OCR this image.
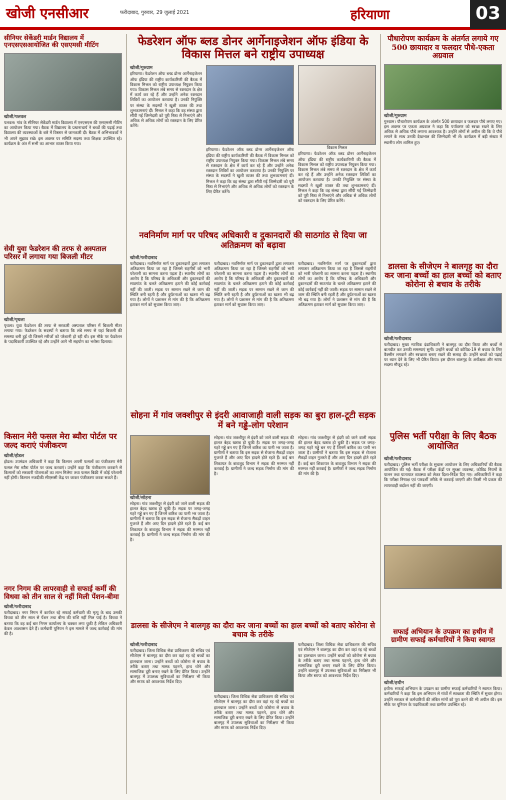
खोजी एनसीआर	फरीदाबाद, गुरुवार, 29 जुलाई 2021	हरियाणा	03
सीनियर सेकेंडरी मार्डन विद्यालय में एनएसएसआयोजित की एसएमसी मीटिंग
खोजी/पलवल
पलवल। गांव के सीनियर सेकेंडरी मार्डन विद्यालय में एनएसएस की एसएमसी मीटिंग का आयोजन किया गया। बैठक में विद्यालय के प्रधानाचार्य ने बच्चों की पढ़ाई तथा विद्यालय की व्यवस्थाओं के बारे में विस्तार से जानकारी दी। बैठक में अभिभावकों ने भी अपने सुझाव रखे। इस अवसर पर समिति सदस्य तथा शिक्षक उपस्थित रहे। कार्यक्रम के अंत में सभी का आभार व्यक्त किया गया।
सेवी युवा फेडरेशन की तरफ से अस्पताल परिसर में लगाया गया बिजली मीटर
खोजी/पृथला
पृथला। युवा फेडरेशन की तरफ से सरकारी अस्पताल परिसर में बिजली मीटर लगाया गया। फेडरेशन के सदस्यों ने बताया कि लंबे समय से यहां बिजली की समस्या बनी हुई थी जिससे मरीजों को परेशानी हो रही थी। इस मौके पर फेडरेशन के पदाधिकारी उपस्थित रहे और उन्होंने आगे भी सहयोग का भरोसा दिलाया।
किसान मेरी फसल मेरा ब्यौरा पोर्टल पर जल्द कराएं पंजीकरण
खोजी/होडल
होडल। उपमंडल अधिकारी ने कहा कि किसान अपनी फसलों का पंजीकरण मेरी फसल मेरा ब्यौरा पोर्टल पर जल्द करवाएं। उन्होंने कहा कि पंजीकरण करवाने से किसानों को सरकारी योजनाओं का लाभ मिलेगा तथा फसल बिक्री में कोई परेशानी नहीं होगी। किसान नजदीकी सीएससी केंद्र पर जाकर पंजीकरण करवा सकते हैं।
नगर निगम की लापरवाही से सफाई कर्मी की विधवा को तीन साल से नहीं मिली पेंशन-बीमा
खोजी/फरीदाबाद
फरीदाबाद। नगर निगम में कार्यरत रहे सफाई कर्मचारी की मृत्यु के बाद उसकी विधवा को तीन साल से पेंशन तथा बीमा की राशि नहीं मिल पाई है। विधवा ने बताया कि वह कई बार निगम कार्यालय के चक्कर लगा चुकी है लेकिन अधिकारी केवल आश्वासन देते हैं। कर्मचारी यूनियन ने इस मामले में जल्द कार्रवाई की मांग की है।
फेडरेशन ऑफ ब्लड डोनर आर्गेनाइजेशन ऑफ इंडिया के विकास मित्तल बने राष्ट्रीय उपाध्यक्ष
खोजी/गुरुग्राम
हरियाणा। फेडरेशन ऑफ ब्लड डोनर आर्गेनाइजेशन ऑफ इंडिया की राष्ट्रीय कार्यकारिणी की बैठक में विकास मित्तल को राष्ट्रीय उपाध्यक्ष नियुक्त किया गया। विकास मित्तल लंबे समय से रक्तदान के क्षेत्र में कार्य कर रहे हैं और उन्होंने अनेक रक्तदान शिविरों का आयोजन करवाया है। उनकी नियुक्ति पर संस्था के सदस्यों ने खुशी व्यक्त की तथा शुभकामनाएं दीं। मित्तल ने कहा कि वह संस्था द्वारा सौंपी गई जिम्मेदारी को पूरी निष्ठा से निभाएंगे और अधिक से अधिक लोगों को रक्तदान के लिए प्रेरित करेंगे।
हरियाणा। फेडरेशन ऑफ ब्लड डोनर आर्गेनाइजेशन ऑफ इंडिया की राष्ट्रीय कार्यकारिणी की बैठक में विकास मित्तल को राष्ट्रीय उपाध्यक्ष नियुक्त किया गया। विकास मित्तल लंबे समय से रक्तदान के क्षेत्र में कार्य कर रहे हैं और उन्होंने अनेक रक्तदान शिविरों का आयोजन करवाया है। उनकी नियुक्ति पर संस्था के सदस्यों ने खुशी व्यक्त की तथा शुभकामनाएं दीं। मित्तल ने कहा कि वह संस्था द्वारा सौंपी गई जिम्मेदारी को पूरी निष्ठा से निभाएंगे और अधिक से अधिक लोगों को रक्तदान के लिए प्रेरित करेंगे।
विकास मित्तल
हरियाणा। फेडरेशन ऑफ ब्लड डोनर आर्गेनाइजेशन ऑफ इंडिया की राष्ट्रीय कार्यकारिणी की बैठक में विकास मित्तल को राष्ट्रीय उपाध्यक्ष नियुक्त किया गया। विकास मित्तल लंबे समय से रक्तदान के क्षेत्र में कार्य कर रहे हैं और उन्होंने अनेक रक्तदान शिविरों का आयोजन करवाया है। उनकी नियुक्ति पर संस्था के सदस्यों ने खुशी व्यक्त की तथा शुभकामनाएं दीं। मित्तल ने कहा कि वह संस्था द्वारा सौंपी गई जिम्मेदारी को पूरी निष्ठा से निभाएंगे और अधिक से अधिक लोगों को रक्तदान के लिए प्रेरित करेंगे।
नवनिर्माण मार्ग पर परिषद अधिकारी व दुकानदारों की साठगांठ से दिया जा अतिक्रमण को बढ़ावा
खोजी/फरीदाबाद
फरीदाबाद। नवनिर्माण मार्ग पर दुकानदारों द्वारा लगातार अतिक्रमण किया जा रहा है जिससे राहगीरों को भारी परेशानी का सामना करना पड़ता है। स्थानीय लोगों का आरोप है कि परिषद के अधिकारी और दुकानदारों की साठगांठ के चलते अतिक्रमण हटाने की कोई कार्रवाई नहीं की जाती। सड़क पर सामान रखने से जाम की स्थिति बनी रहती है और दुर्घटनाओं का खतरा भी बढ़ गया है। लोगों ने प्रशासन से मांग की है कि अतिक्रमण हटाकर मार्ग को सुचारू किया जाए।
फरीदाबाद। नवनिर्माण मार्ग पर दुकानदारों द्वारा लगातार अतिक्रमण किया जा रहा है जिससे राहगीरों को भारी परेशानी का सामना करना पड़ता है। स्थानीय लोगों का आरोप है कि परिषद के अधिकारी और दुकानदारों की साठगांठ के चलते अतिक्रमण हटाने की कोई कार्रवाई नहीं की जाती। सड़क पर सामान रखने से जाम की स्थिति बनी रहती है और दुर्घटनाओं का खतरा भी बढ़ गया है। लोगों ने प्रशासन से मांग की है कि अतिक्रमण हटाकर मार्ग को सुचारू किया जाए।
फरीदाबाद। नवनिर्माण मार्ग पर दुकानदारों द्वारा लगातार अतिक्रमण किया जा रहा है जिससे राहगीरों को भारी परेशानी का सामना करना पड़ता है। स्थानीय लोगों का आरोप है कि परिषद के अधिकारी और दुकानदारों की साठगांठ के चलते अतिक्रमण हटाने की कोई कार्रवाई नहीं की जाती। सड़क पर सामान रखने से जाम की स्थिति बनी रहती है और दुर्घटनाओं का खतरा भी बढ़ गया है। लोगों ने प्रशासन से मांग की है कि अतिक्रमण हटाकर मार्ग को सुचारू किया जाए।
सोहना में गांव जक्शीपुर से इंदरी आवाजाही वाली सड़क का बुरा हाल-टूटी सड़क में बने गड्ढे-लोग परेशान
खोजी/सोहना
सोहना। गांव जक्शीपुर से इंदरी को जाने वाली सड़क की हालत बेहद खराब हो चुकी है। सड़क पर जगह-जगह गहरे गड्ढे बन गए हैं जिनमें बारिश का पानी भर जाता है। ग्रामीणों ने बताया कि इस सड़क से रोजाना सैकड़ों वाहन गुजरते हैं और आए दिन हादसे होते रहते हैं। कई बार शिकायत के बावजूद विभाग ने सड़क की मरम्मत नहीं करवाई है। ग्रामीणों ने जल्द सड़क निर्माण की मांग की है।
सोहना। गांव जक्शीपुर से इंदरी को जाने वाली सड़क की हालत बेहद खराब हो चुकी है। सड़क पर जगह-जगह गहरे गड्ढे बन गए हैं जिनमें बारिश का पानी भर जाता है। ग्रामीणों ने बताया कि इस सड़क से रोजाना सैकड़ों वाहन गुजरते हैं और आए दिन हादसे होते रहते हैं। कई बार शिकायत के बावजूद विभाग ने सड़क की मरम्मत नहीं करवाई है। ग्रामीणों ने जल्द सड़क निर्माण की मांग की है।
सोहना। गांव जक्शीपुर से इंदरी को जाने वाली सड़क की हालत बेहद खराब हो चुकी है। सड़क पर जगह-जगह गहरे गड्ढे बन गए हैं जिनमें बारिश का पानी भर जाता है। ग्रामीणों ने बताया कि इस सड़क से रोजाना सैकड़ों वाहन गुजरते हैं और आए दिन हादसे होते रहते हैं। कई बार शिकायत के बावजूद विभाग ने सड़क की मरम्मत नहीं करवाई है। ग्रामीणों ने जल्द सड़क निर्माण की मांग की है।
डालसा के सीजेएम ने बालगृह का दौरा कर जाना बच्चों का हाल बच्चों को बताए कोरोना से बचाव के तरीके
खोजी/फरीदाबाद
फरीदाबाद। जिला विधिक सेवा प्राधिकरण की सचिव एवं सीजेएम ने बालगृह का दौरा कर वहां रह रहे बच्चों का हालचाल जाना। उन्होंने बच्चों को कोरोना से बचाव के तरीके बताए तथा मास्क पहनने, हाथ धोने और सामाजिक दूरी बनाए रखने के लिए प्रेरित किया। उन्होंने बालगृह में उपलब्ध सुविधाओं का निरीक्षण भी किया और स्टाफ को आवश्यक निर्देश दिए।
फरीदाबाद। जिला विधिक सेवा प्राधिकरण की सचिव एवं सीजेएम ने बालगृह का दौरा कर वहां रह रहे बच्चों का हालचाल जाना। उन्होंने बच्चों को कोरोना से बचाव के तरीके बताए तथा मास्क पहनने, हाथ धोने और सामाजिक दूरी बनाए रखने के लिए प्रेरित किया। उन्होंने बालगृह में उपलब्ध सुविधाओं का निरीक्षण भी किया और स्टाफ को आवश्यक निर्देश दिए।
फरीदाबाद। जिला विधिक सेवा प्राधिकरण की सचिव एवं सीजेएम ने बालगृह का दौरा कर वहां रह रहे बच्चों का हालचाल जाना। उन्होंने बच्चों को कोरोना से बचाव के तरीके बताए तथा मास्क पहनने, हाथ धोने और सामाजिक दूरी बनाए रखने के लिए प्रेरित किया। उन्होंने बालगृह में उपलब्ध सुविधाओं का निरीक्षण भी किया और स्टाफ को आवश्यक निर्देश दिए।
पौधारोपण कार्यक्रम के अंतर्गत लगाये गए 500 छायादार व फलदार पौधे-एकता अग्रवाल
खोजी/गुरुग्राम
गुरुग्राम। पौधारोपण कार्यक्रम के अंतर्गत 500 छायादार व फलदार पौधे लगाए गए। इस अवसर पर एकता अग्रवाल ने कहा कि पर्यावरण को स्वच्छ रखने के लिए अधिक से अधिक पौधे लगाना आवश्यक है। उन्होंने लोगों से अपील की कि वे पौधे लगाने के साथ उनकी देखभाल की जिम्मेदारी भी लें। कार्यक्रम में बड़ी संख्या में स्थानीय लोग शामिल हुए।
डालसा के सीजेएम ने बालगृह का दौरा कर जाना बच्चों का हाल बच्चों को बताए कोरोना से बचाव के तरीके
खोजी/फरीदाबाद
फरीदाबाद। मुख्य न्यायिक दंडाधिकारी ने बालगृह का दौरा किया और बच्चों से बातचीत कर उनकी समस्याएं सुनीं। उन्होंने बच्चों को कोविड-19 से बचाव के लिए वैक्सीन लगवाने और स्वच्छता बनाए रखने की सलाह दी। उन्होंने बच्चों को पढ़ाई पर ध्यान देने के लिए भी प्रेरित किया। इस दौरान बालगृह के अधीक्षक और स्टाफ सदस्य मौजूद रहे।
पुलिस भर्ती परीक्षा के लिए बैठक आयोजित
खोजी/फरीदाबाद
फरीदाबाद। पुलिस भर्ती परीक्षा के सुचारू आयोजन के लिए अधिकारियों की बैठक आयोजित की गई। बैठक में परीक्षा केंद्रों पर सुरक्षा व्यवस्था, कोविड नियमों के पालन तथा यातायात व्यवस्था को लेकर दिशा-निर्देश दिए गए। अधिकारियों ने कहा कि परीक्षा निष्पक्ष एवं पारदर्शी तरीके से करवाई जाएगी और किसी भी प्रकार की लापरवाही बर्दाश्त नहीं की जाएगी।
सफाई अभियान के उपक्रम का हथीन में ग्रामीण सफाई कर्मचारियों ने किया स्वागत
खोजी/हथीन
हथीन। सफाई अभियान के उपक्रम का ग्रामीण सफाई कर्मचारियों ने स्वागत किया। कर्मचारियों ने कहा कि इस अभियान से गांवों में स्वच्छता की स्थिति में सुधार होगा। उन्होंने सरकार से कर्मचारियों की लंबित मांगों को पूरा करने की भी अपील की। इस मौके पर यूनियन के पदाधिकारी तथा ग्रामीण उपस्थित रहे।
